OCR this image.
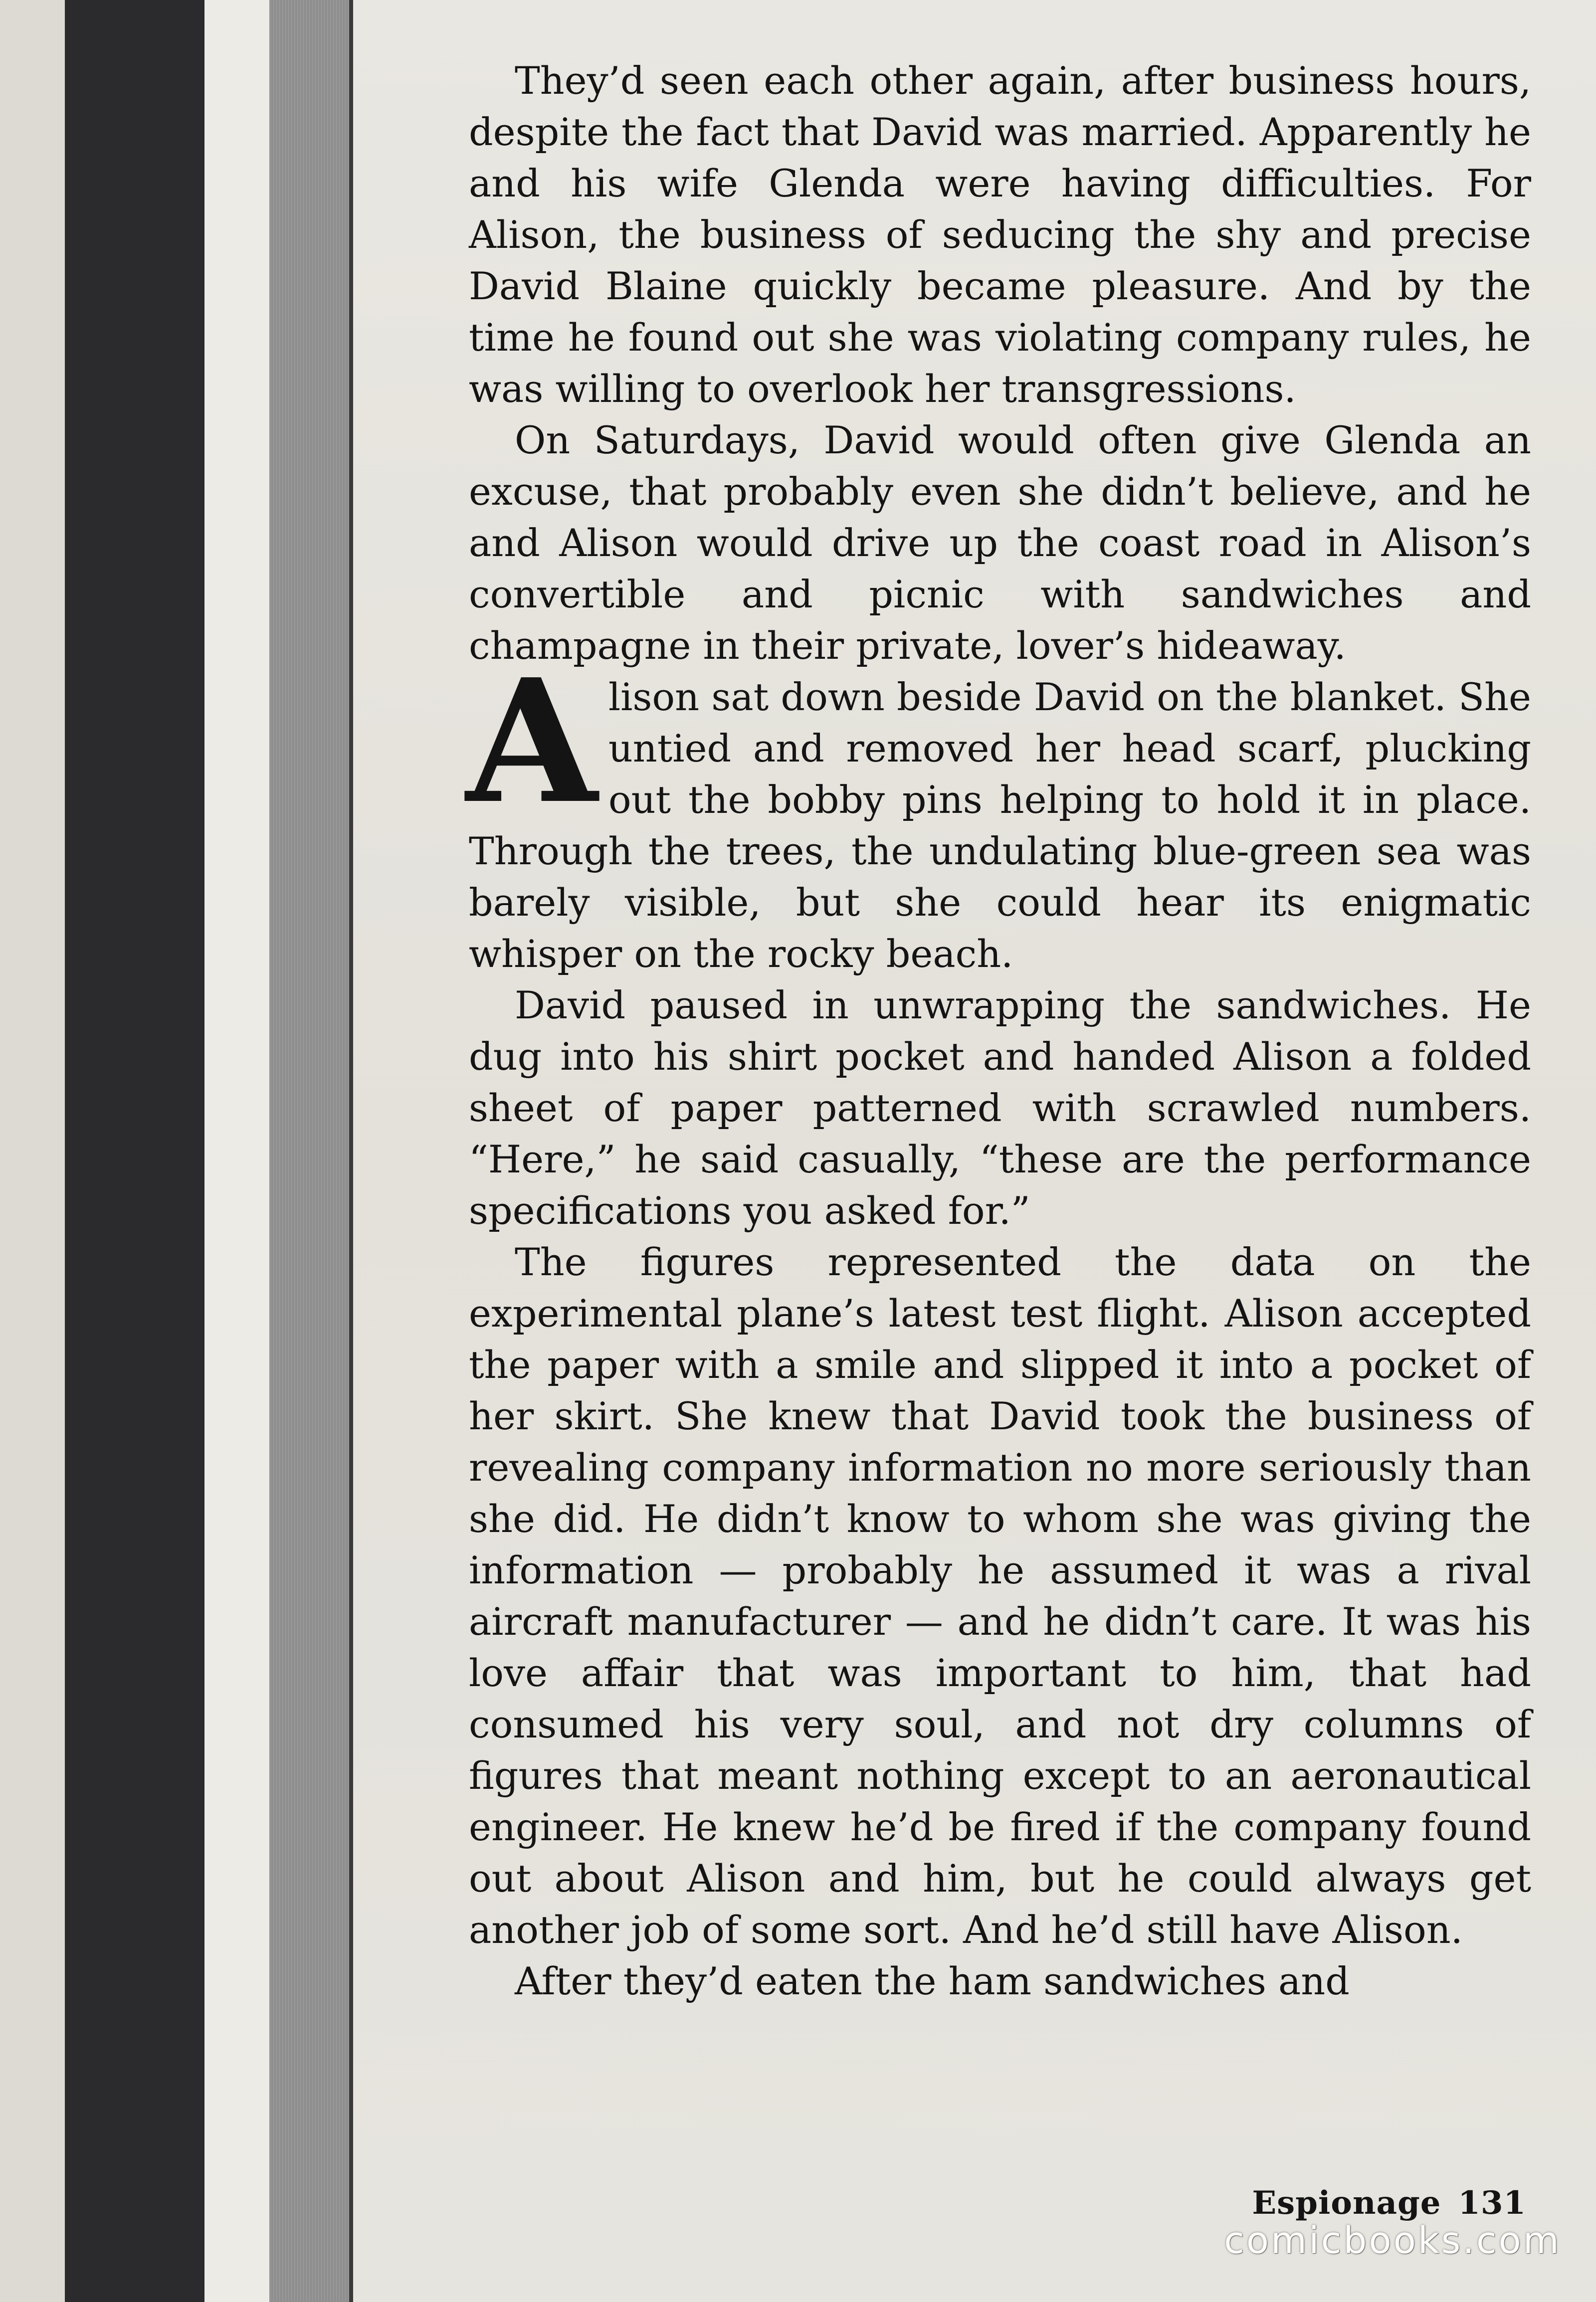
They’d seen each other again, after business hours, despite the fact that David was married. Apparently he and his wife Glenda were having difficulties. For Alison, the business of seducing the shy and precise David Blaine quickly became pleasure. And by the time he found out she was violating company rules, he was willing to overlook her transgressions.

On Saturdays, David would often give Glenda an excuse, that probably even she didn’t believe, and he and Alison would drive up the coast road in Alison’s convertible and picnic with sandwiches and champagne in their private, lover’s hideaway.

Alison sat down beside David on the blanket. She untied and removed her head scarf, plucking out the bobby pins helping to hold it in place. Through the trees, the undulating blue-green sea was barely visible, but she could hear its enigmatic whisper on the rocky beach.

David paused in unwrapping the sandwiches. He dug into his shirt pocket and handed Alison a folded sheet of paper patterned with scrawled numbers. “Here,” he said casually, “these are the performance specifications you asked for.”

The figures represented the data on the experimental plane’s latest test flight. Alison accepted the paper with a smile and slipped it into a pocket of her skirt. She knew that David took the business of revealing company information no more seriously than she did. He didn’t know to whom she was giving the information — probably he assumed it was a rival aircraft manufacturer — and he didn’t care. It was his love affair that was important to him, that had consumed his very soul, and not dry columns of figures that meant nothing except to an aeronautical engineer. He knew he’d be fired if the company found out about Alison and him, but he could always get another job of some sort. And he’d still have Alison.

After they’d eaten the ham sandwiches and

Espionage 131
comicbooks.com
